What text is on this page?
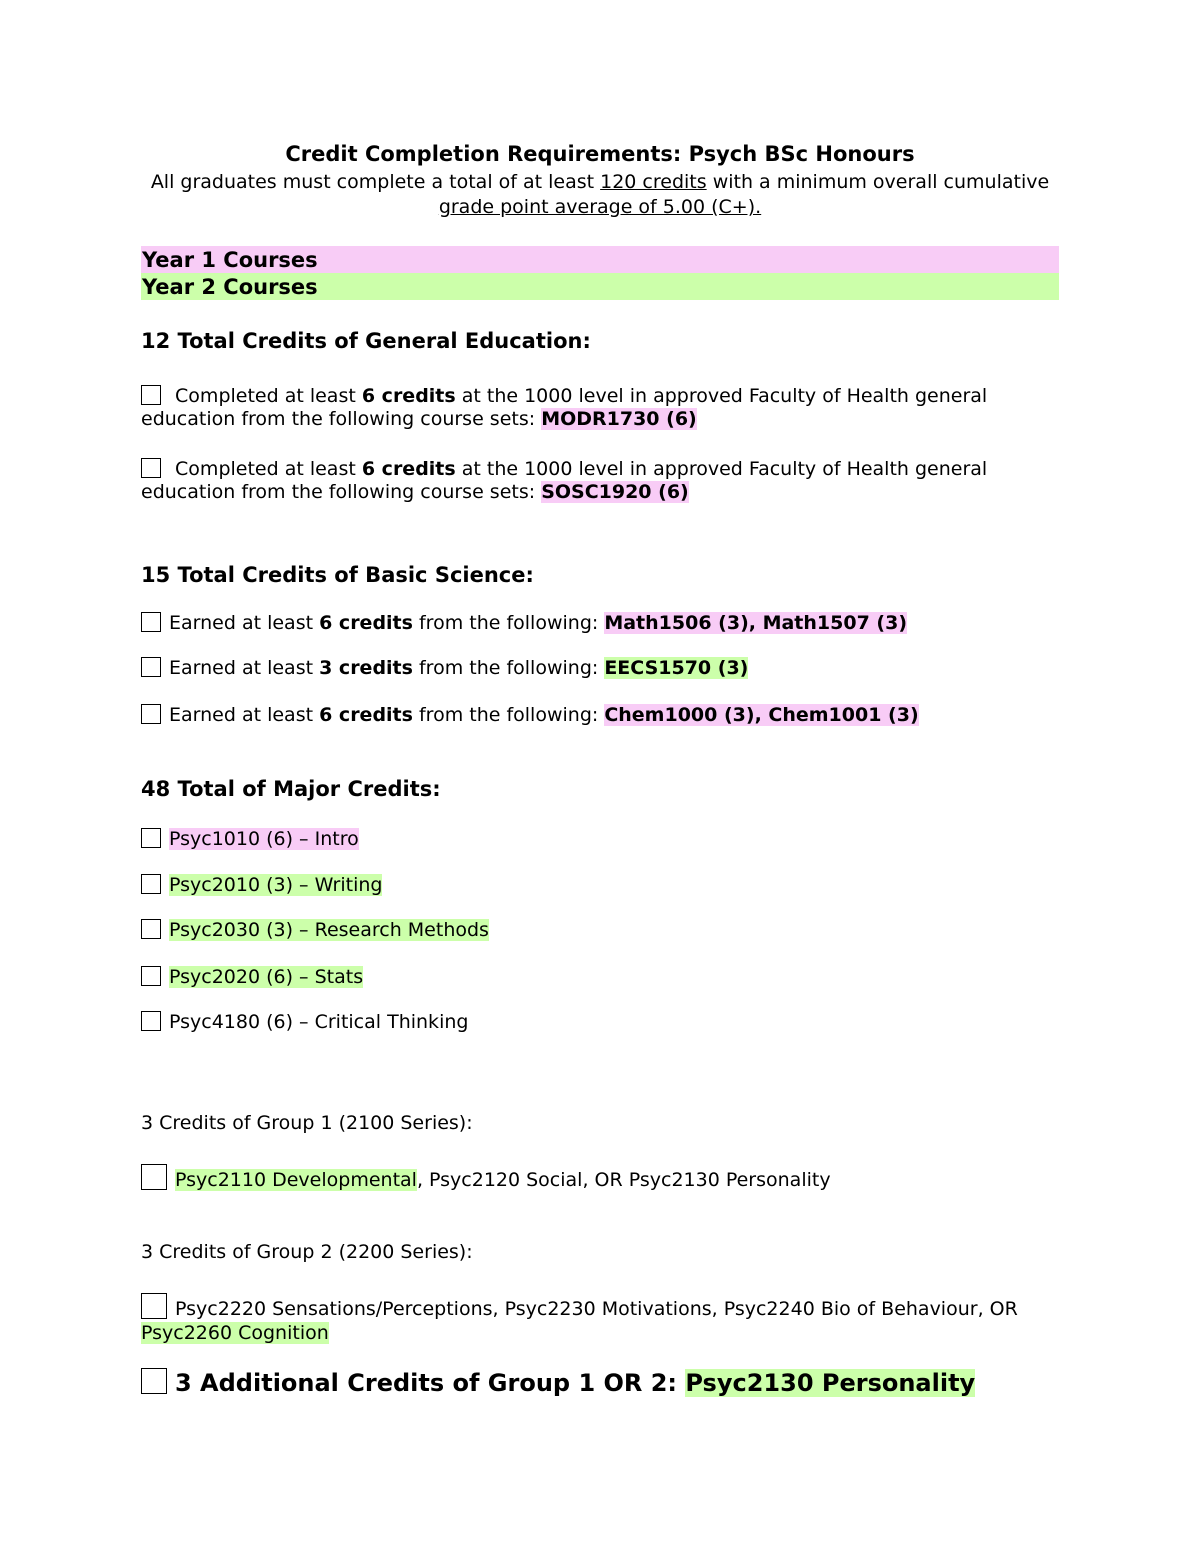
Credit Completion Requirements: Psych BSc Honours
All graduates must complete a total of at least 120 credits with a minimum overall cumulative grade point average of 5.00 (C+).
Year 1 Courses
Year 2 Courses
12 Total Credits of General Education:
Completed at least 6 credits at the 1000 level in approved Faculty of Health general education from the following course sets: MODR1730 (6)
Completed at least 6 credits at the 1000 level in approved Faculty of Health general education from the following course sets: SOSC1920 (6)
15 Total Credits of Basic Science:
Earned at least 6 credits from the following: Math1506 (3), Math1507 (3)
Earned at least 3 credits from the following: EECS1570 (3)
Earned at least 6 credits from the following: Chem1000 (3), Chem1001 (3)
48 Total of Major Credits:
Psyc1010 (6) – Intro
Psyc2010 (3) – Writing
Psyc2030 (3) – Research Methods
Psyc2020 (6) – Stats
Psyc4180 (6) – Critical Thinking
3 Credits of Group 1 (2100 Series):
Psyc2110 Developmental, Psyc2120 Social, OR Psyc2130 Personality
3 Credits of Group 2 (2200 Series):
Psyc2220 Sensations/Perceptions, Psyc2230 Motivations, Psyc2240 Bio of Behaviour, OR Psyc2260 Cognition
3 Additional Credits of Group 1 OR 2: Psyc2130 Personality
